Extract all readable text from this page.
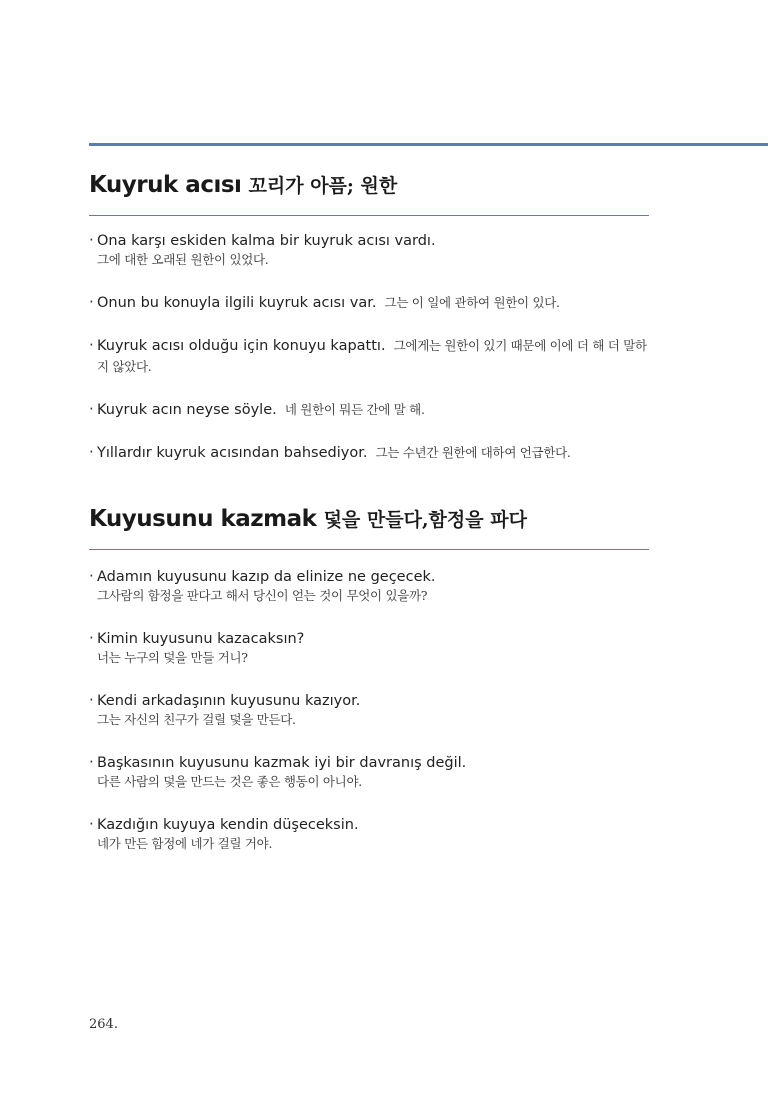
Kuyruk acısı 꼬리가 아픔; 원한
· Ona karşı eskiden kalma bir kuyruk acısı vardı.
그에 대한 오래된 원한이 있었다.
· Onun bu konuyla ilgili kuyruk acısı var. 그는 이 일에 관하여 원한이 있다.
· Kuyruk acısı olduğu için konuyu kapattı. 그에게는 원한이 있기 때문에 이에 더 해 더 말하지 않았다.
· Kuyruk acın neyse söyle. 네 원한이 뭐든 간에 말 해.
· Yıllardır kuyruk acısından bahsediyor. 그는 수년간 원한에 대하여 언급한다.
Kuyusunu kazmak 덫을 만들다,함정을 파다
· Adamın kuyusunu kazıp da elinize ne geçecek.
그사람의 함정을 판다고 해서 당신이 얻는 것이 무엇이 있을까?
· Kimin kuyusunu kazacaksın?
너는 누구의 덫을 만들 거니?
· Kendi arkadaşının kuyusunu kazıyor.
그는 자신의 친구가 걸릴 덫을 만든다.
· Başkasının kuyusunu kazmak iyi bir davranış değil.
다른 사람의 덫을 만드는 것은 좋은 행동이 아니야.
· Kazdığın kuyuya kendin düşeceksin.
네가 만든 함정에 네가 걸릴 거야.
264.
